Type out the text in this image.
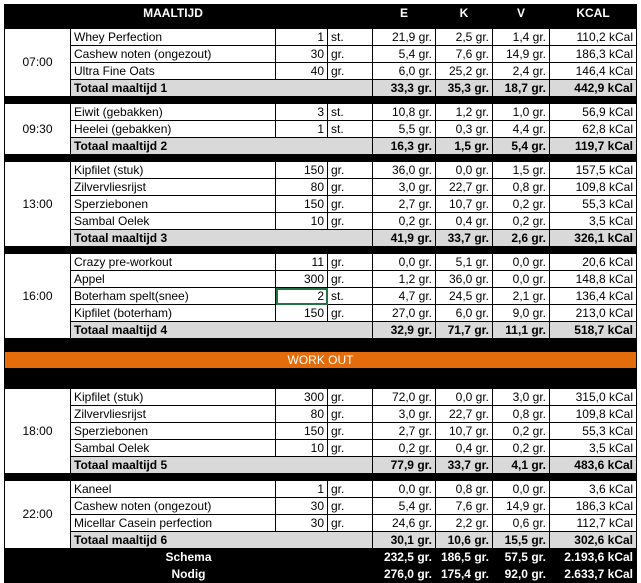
	MAALTIJD			E	K	V	KCAL

07:00	Whey Perfection	1	st.	21,9 gr.	2,5 gr.	1,4 gr.	110,2 kCal
	Cashew noten (ongezout)	30	gr.	5,4 gr.	7,6 gr.	14,9 gr.	186,3 kCal
	Ultra Fine Oats	40	gr.	6,0 gr.	25,2 gr.	2,4 gr.	146,4 kCal
	Totaal maaltijd 1			33,3 gr.	35,3 gr.	18,7 gr.	442,9 kCal

09:30	Eiwit (gebakken)	3	st.	10,8 gr.	1,2 gr.	1,0 gr.	56,9 kCal
	Heelei (gebakken)	1	st.	5,5 gr.	0,3 gr.	4,4 gr.	62,8 kCal
	Totaal maaltijd 2			16,3 gr.	1,5 gr.	5,4 gr.	119,7 kCal

13:00	Kipfilet (stuk)	150	gr.	36,0 gr.	0,0 gr.	1,5 gr.	157,5 kCal
	Zilvervliesrijst	80	gr.	3,0 gr.	22,7 gr.	0,8 gr.	109,8 kCal
	Sperziebonen	150	gr.	2,7 gr.	10,7 gr.	0,2 gr.	55,3 kCal
	Sambal Oelek	10	gr.	0,2 gr.	0,4 gr.	0,2 gr.	3,5 kCal
	Totaal maaltijd 3			41,9 gr.	33,7 gr.	2,6 gr.	326,1 kCal

16:00	Crazy pre-workout	11	gr.	0,0 gr.	5,1 gr.	0,0 gr.	20,6 kCal
	Appel	300	gr.	1,2 gr.	36,0 gr.	0,0 gr.	148,8 kCal
	Boterham spelt(snee)	2	st.	4,7 gr.	24,5 gr.	2,1 gr.	136,4 kCal
	Kipfilet (boterham)	150	gr.	27,0 gr.	6,0 gr.	9,0 gr.	213,0 kCal
	Totaal maaltijd 4			32,9 gr.	71,7 gr.	11,1 gr.	518,7 kCal

WORK OUT							

18:00	Kipfilet (stuk)	300	gr.	72,0 gr.	0,0 gr.	3,0 gr.	315,0 kCal
	Zilvervliesrijst	80	gr.	3,0 gr.	22,7 gr.	0,8 gr.	109,8 kCal
	Sperziebonen	150	gr.	2,7 gr.	10,7 gr.	0,2 gr.	55,3 kCal
	Sambal Oelek	10	gr.	0,2 gr.	0,4 gr.	0,2 gr.	3,5 kCal
	Totaal maaltijd 5			77,9 gr.	33,7 gr.	4,1 gr.	483,6 kCal

22:00	Kaneel	1	gr.	0,0 gr.	0,8 gr.	0,0 gr.	3,6 kCal
	Cashew noten (ongezout)	30	gr.	5,4 gr.	7,6 gr.	14,9 gr.	186,3 kCal
	Micellar Casein perfection	30	gr.	24,6 gr.	2,2 gr.	0,6 gr.	112,7 kCal
	Totaal maaltijd 6			30,1 gr.	10,6 gr.	15,5 gr.	302,6 kCal
Schema				232,5 gr.	186,5 gr.	57,5 gr.	2.193,6 kCal
Nodig				276,0 gr.	175,4 gr.	92,0 gr.	2.633,7 kCal
